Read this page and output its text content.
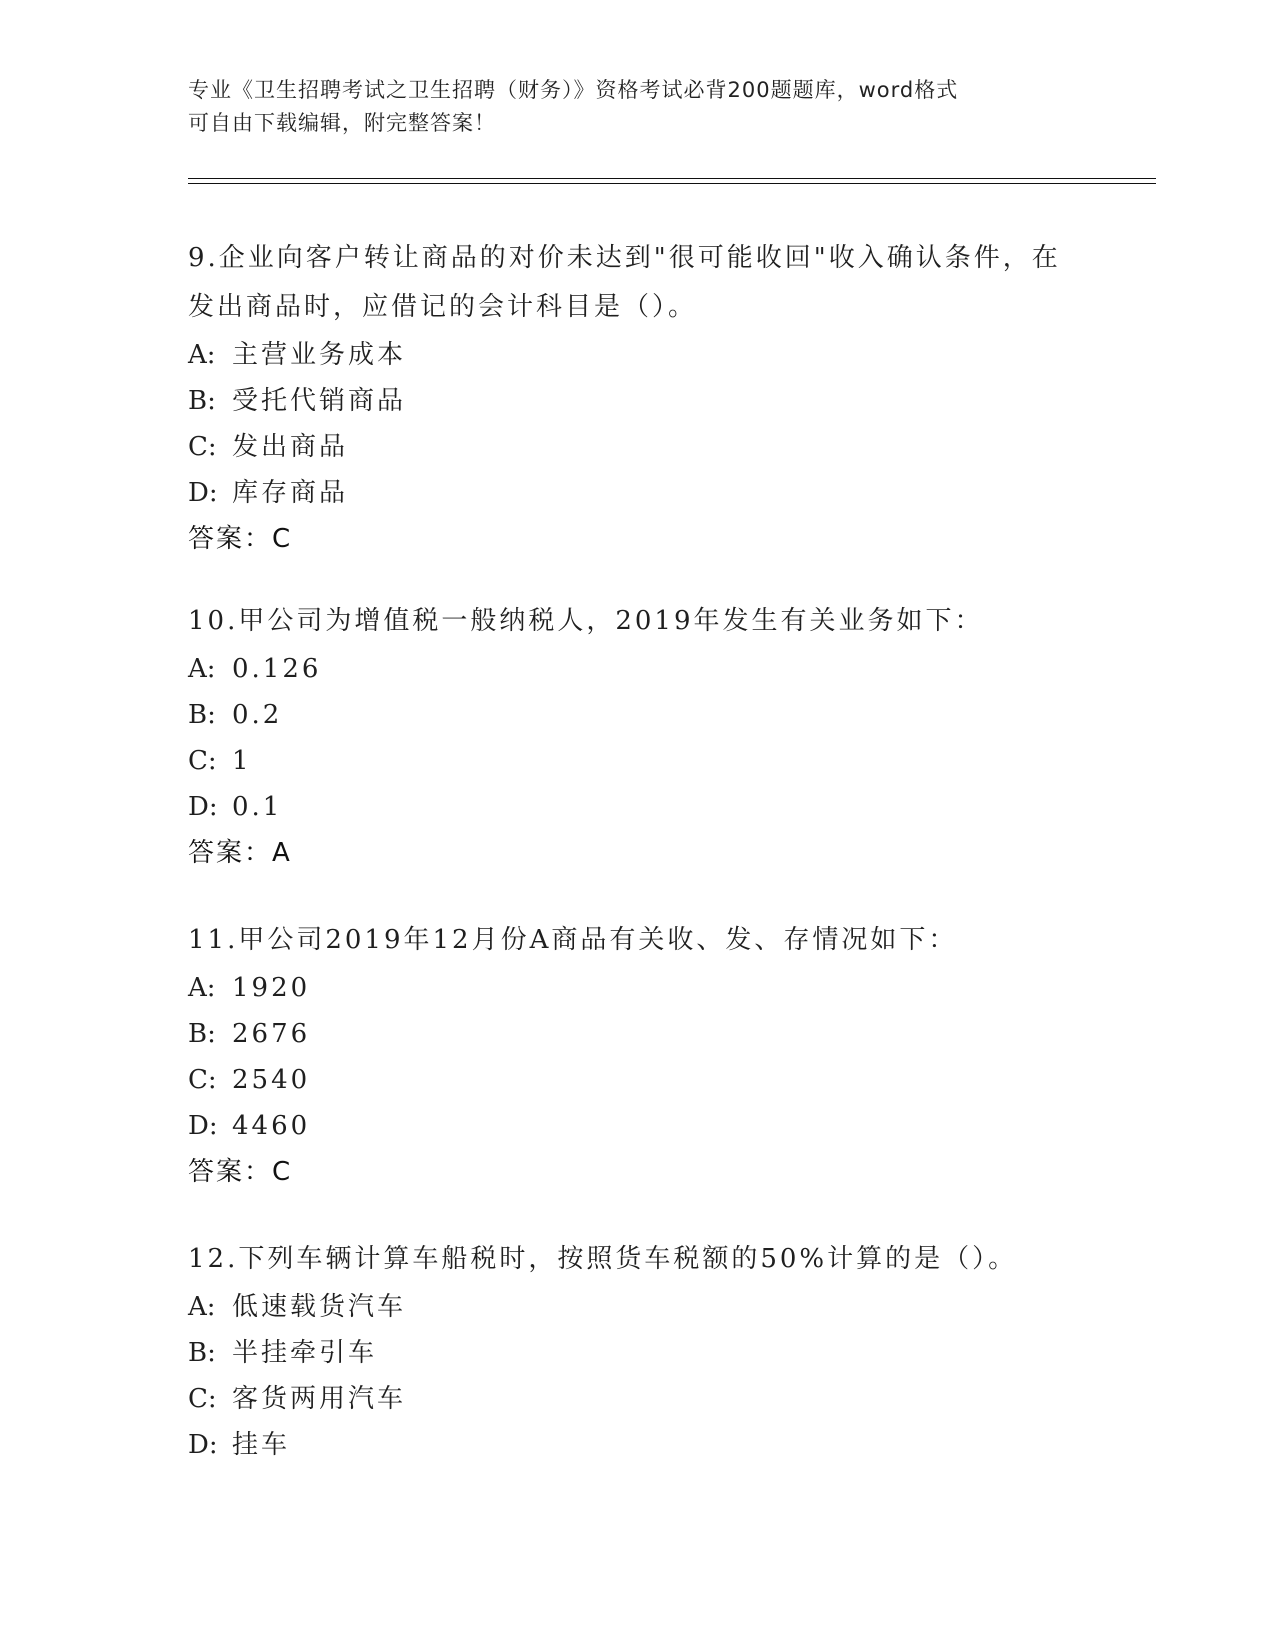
专业《卫生招聘考试之卫生招聘（财务）》资格考试必背200题题库，word格式
可自由下载编辑，附完整答案！

9.企业向客户转让商品的对价未达到"很可能收回"收入确认条件，在
发出商品时，应借记的会计科目是（）。

A: 主营业务成本
B: 受托代销商品
C: 发出商品
D: 库存商品
答案：C

10.甲公司为增值税一般纳税人，2019年发生有关业务如下：

A: 0.126
B: 0.2
C: 1
D: 0.1
答案：A

11.甲公司2019年12月份A商品有关收、发、存情况如下：

A: 1920
B: 2676
C: 2540
D: 4460
答案：C

12.下列车辆计算车船税时，按照货车税额的50%计算的是（）。

A: 低速载货汽车
B: 半挂牵引车
C: 客货两用汽车
D: 挂车
